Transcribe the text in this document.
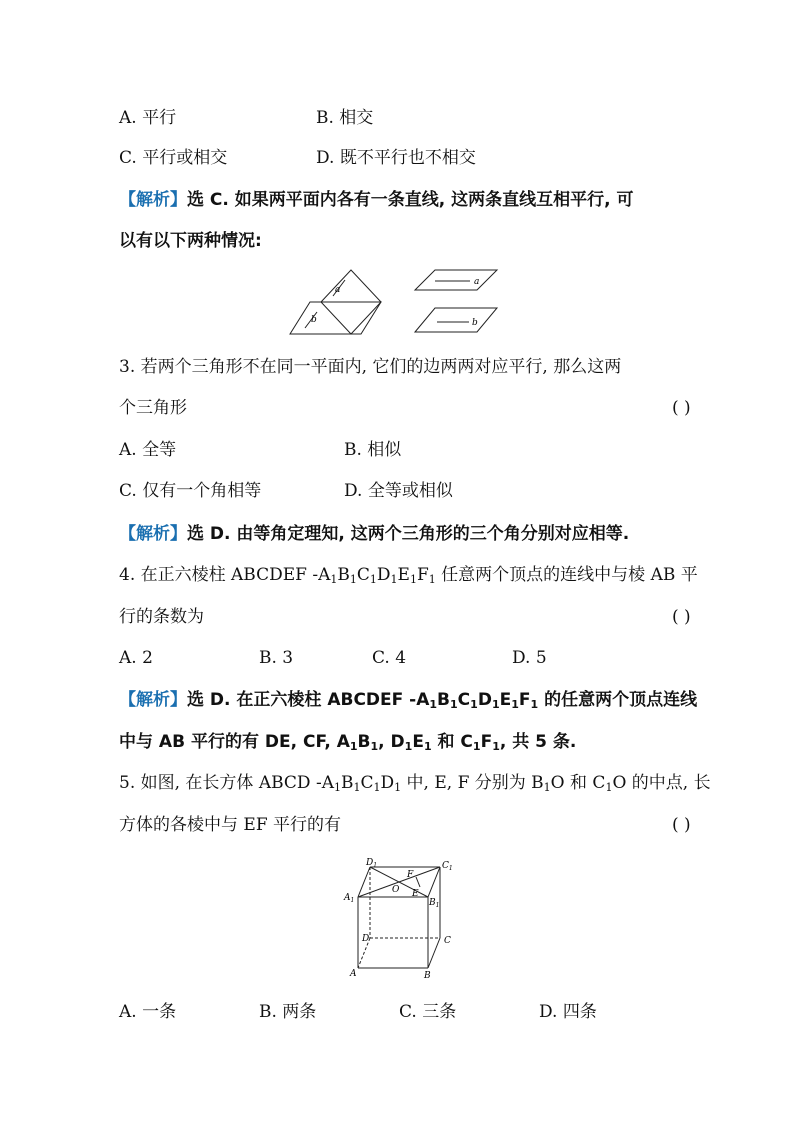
A. 平行	B. 相交
C. 平行或相交	D. 既不平行也不相交
【解析】选 C. 如果两平面内各有一条直线, 这两条直线互相平行, 可
以有以下两种情况:
a
b
a
b
3. 若两个三角形不在同一平面内, 它们的边两两对应平行, 那么这两
个三角形	( )
A. 全等	B. 相似
C. 仅有一个角相等	D. 全等或相似
【解析】选 D. 由等角定理知, 这两个三角形的三个角分别对应相等.
4. 在正六棱柱 ABCDEF $-A_1B_1C_1D_1E_1F_1$ 任意两个顶点的连线中与棱 AB 平
行的条数为	( )
A. 2	B. 3	C. 4	D. 5
【解析】选 D. 在正六棱柱 ABCDEF $-A_1B_1C_1D_1E_1F_1$ 的任意两个顶点连线
中与 AB 平行的有 DE, CF, $A_1B_1$, $D_1E_1$ 和 $C_1F_1$, 共 5 条.
5. 如图, 在长方体 ABCD $-A_1B_1C_1D_1$ 中, E, F 分别为 $B_1O$ 和 $C_1O$ 的中点, 长
方体的各棱中与 EF 平行的有	( )
$D_1$	$C_1$
$A_1$	$B_1$
D	C
A	B
O
F
E
A. 一条	B. 两条	C. 三条	D. 四条
